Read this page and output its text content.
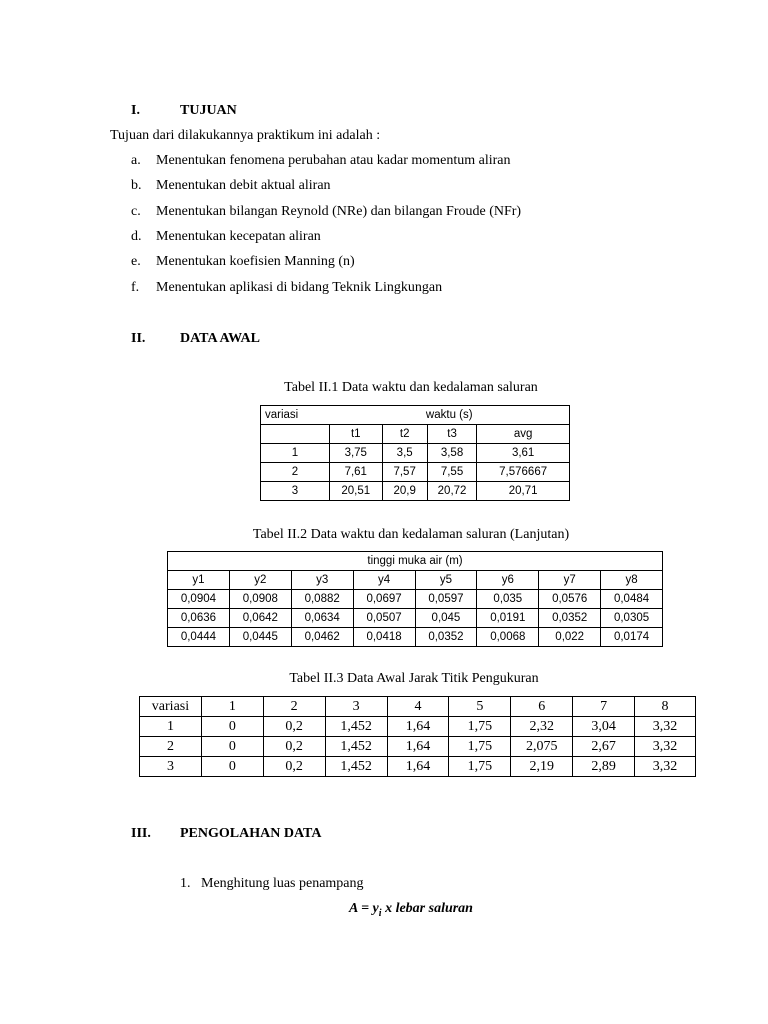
I.	TUJUAN
Tujuan dari dilakukannya praktikum ini adalah :
a. Menentukan fenomena perubahan atau kadar momentum aliran
b. Menentukan debit aktual aliran
c. Menentukan bilangan Reynold (NRe) dan bilangan Froude (NFr)
d. Menentukan kecepatan aliran
e. Menentukan koefisien Manning (n)
f. Menentukan aplikasi di bidang Teknik Lingkungan
II. DATA AWAL
Tabel II.1 Data waktu dan kedalaman saluran
variasi	waktu (s)			
	t1	t2	t3	avg
1	3,75	3,5	3,58	3,61
2	7,61	7,57	7,55	7,576667
3	20,51	20,9	20,72	20,71
Tabel II.2 Data waktu dan kedalaman saluran (Lanjutan)
tinggi muka air (m)							
y1	y2	y3	y4	y5	y6	y7	y8
0,0904	0,0908	0,0882	0,0697	0,0597	0,035	0,0576	0,0484
0,0636	0,0642	0,0634	0,0507	0,045	0,0191	0,0352	0,0305
0,0444	0,0445	0,0462	0,0418	0,0352	0,0068	0,022	0,0174
Tabel II.3 Data Awal Jarak Titik Pengukuran
variasi	1	2	3	4	5	6	7	8
1	0	0,2	1,452	1,64	1,75	2,32	3,04	3,32
2	0	0,2	1,452	1,64	1,75	2,075	2,67	3,32
3	0	0,2	1,452	1,64	1,75	2,19	2,89	3,32
III. PENGOLAHAN DATA
1.   Menghitung luas penampang
$A = y_i$ x lebar saluran
